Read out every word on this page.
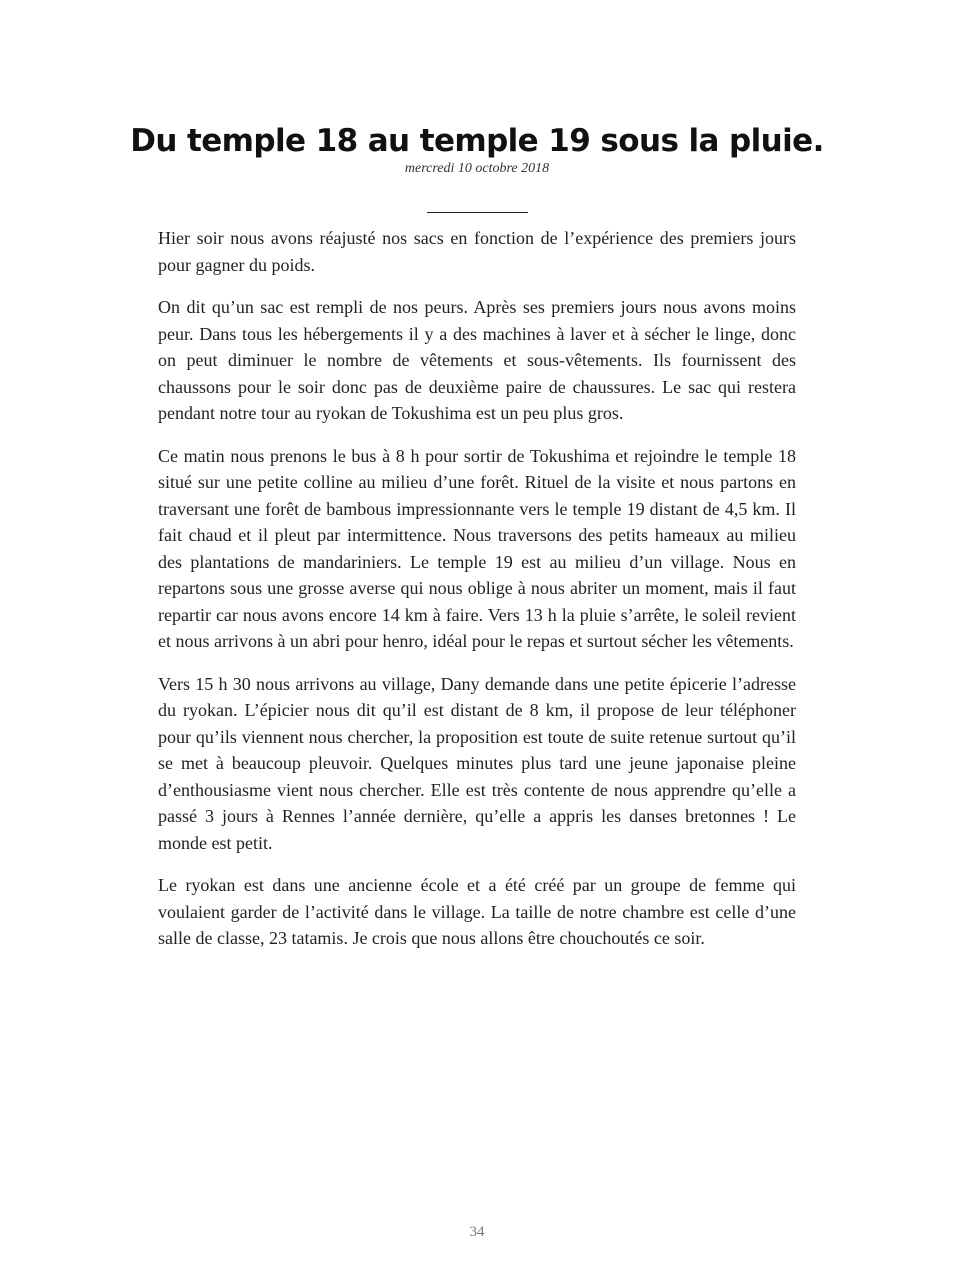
Du temple 18 au temple 19 sous la pluie.
mercredi 10 octobre 2018

Hier soir nous avons réajusté nos sacs en fonction de l’expérience des premiers jours pour gagner du poids.

On dit qu’un sac est rempli de nos peurs. Après ses premiers jours nous avons moins peur. Dans tous les hébergements il y a des machines à laver et à sécher le linge, donc on peut diminuer le nombre de vêtements et sous-vêtements. Ils fournissent des chaussons pour le soir donc pas de deuxième paire de chaussures. Le sac qui restera pendant notre tour au ryokan de Tokushima est un peu plus gros.

Ce matin nous prenons le bus à 8 h pour sortir de Tokushima et rejoindre le temple 18 situé sur une petite colline au milieu d’une forêt. Rituel de la visite et nous partons en traversant une forêt de bambous impressionnante vers le temple 19 distant de 4,5 km. Il fait chaud et il pleut par intermittence. Nous traversons des petits hameaux au milieu des plantations de mandariniers. Le temple 19 est au milieu d’un village. Nous en repartons sous une grosse averse qui nous oblige à nous abriter un moment, mais il faut repartir car nous avons encore 14 km à faire. Vers 13 h la pluie s’arrête, le soleil revient et nous arrivons à un abri pour henro, idéal pour le repas et surtout sécher les vêtements.

Vers 15 h 30 nous arrivons au village, Dany demande dans une petite épicerie l’adresse du ryokan. L’épicier nous dit qu’il est distant de 8 km, il propose de leur téléphoner pour qu’ils viennent nous chercher, la proposition est toute de suite retenue surtout qu’il se met à beaucoup pleuvoir. Quelques minutes plus tard une jeune japonaise pleine d’enthousiasme vient nous chercher. Elle est très contente de nous apprendre qu’elle a passé 3 jours à Rennes l’année dernière, qu’elle a appris les danses bretonnes ! Le monde est petit.

Le ryokan est dans une ancienne école et a été créé par un groupe de femme qui voulaient garder de l’activité dans le village. La taille de notre chambre est celle d’une salle de classe, 23 tatamis. Je crois que nous allons être chouchoutés ce soir.

34
